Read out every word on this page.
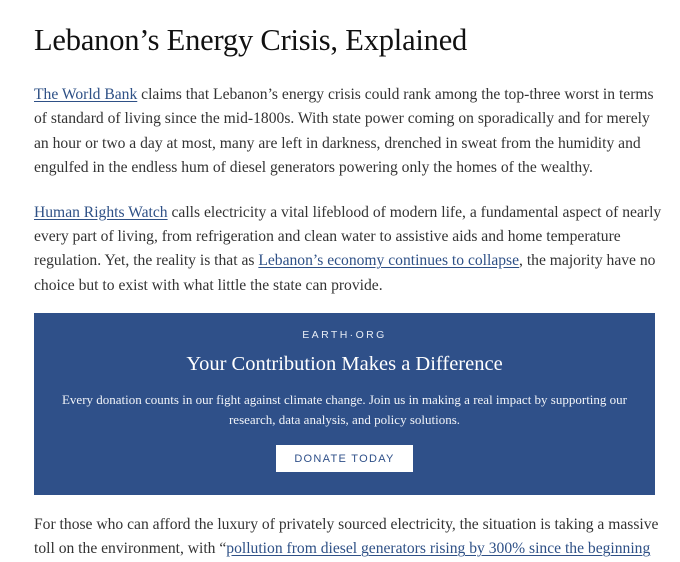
Lebanon’s Energy Crisis, Explained

The World Bank claims that Lebanon’s energy crisis could rank among the top-three worst in terms
of standard of living since the mid-1800s. With state power coming on sporadically and for merely
an hour or two a day at most, many are left in darkness, drenched in sweat from the humidity and
engulfed in the endless hum of diesel generators powering only the homes of the wealthy.

Human Rights Watch calls electricity a vital lifeblood of modern life, a fundamental aspect of nearly
every part of living, from refrigeration and clean water to assistive aids and home temperature
regulation. Yet, the reality is that as Lebanon’s economy continues to collapse, the majority have no
choice but to exist with what little the state can provide.

EARTH·ORG
Your Contribution Makes a Difference
Every donation counts in our fight against climate change. Join us in making a real impact by supporting our
research, data analysis, and policy solutions.
DONATE TODAY

For those who can afford the luxury of privately sourced electricity, the situation is taking a massive
toll on the environment, with “pollution from diesel generators rising by 300% since the beginning
